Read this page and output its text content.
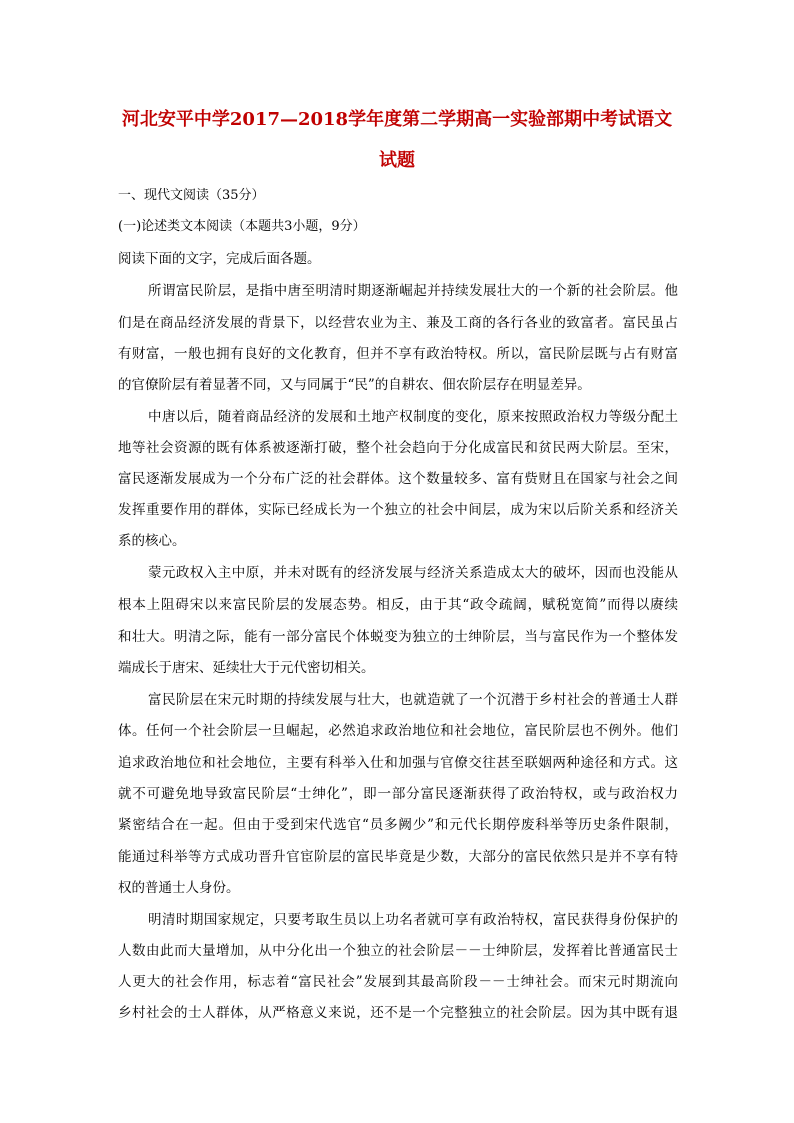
河北安平中学2017—2018学年度第二学期高一实验部期中考试语文
试题
一、现代文阅读（35分）
(一)论述类文本阅读（本题共3小题，9分）
阅读下面的文字，完成后面各题。
所谓富民阶层，是指中唐至明清时期逐渐崛起并持续发展壮大的一个新的社会阶层。他
们是在商品经济发展的背景下，以经营农业为主、兼及工商的各行各业的致富者。富民虽占
有财富，一般也拥有良好的文化教育，但并不享有政治特权。所以，富民阶层既与占有财富
的官僚阶层有着显著不同，又与同属于“民”的自耕农、佃农阶层存在明显差异。
中唐以后，随着商品经济的发展和土地产权制度的变化，原来按照政治权力等级分配土
地等社会资源的既有体系被逐渐打破，整个社会趋向于分化成富民和贫民两大阶层。至宋，
富民逐渐发展成为一个分布广泛的社会群体。这个数量较多、富有赀财且在国家与社会之间
发挥重要作用的群体，实际已经成长为一个独立的社会中间层，成为宋以后阶关系和经济关
系的核心。
蒙元政权入主中原，并未对既有的经济发展与经济关系造成太大的破坏，因而也没能从
根本上阻碍宋以来富民阶层的发展态势。相反，由于其“政令疏阔，赋税宽简”而得以赓续
和壮大。明清之际，能有一部分富民个体蜕变为独立的士绅阶层，当与富民作为一个整体发
端成长于唐宋、延续壮大于元代密切相关。
富民阶层在宋元时期的持续发展与壮大，也就造就了一个沉潜于乡村社会的普通士人群
体。任何一个社会阶层一旦崛起，必然追求政治地位和社会地位，富民阶层也不例外。他们
追求政治地位和社会地位，主要有科举入仕和加强与官僚交往甚至联姻两种途径和方式。这
就不可避免地导致富民阶层“士绅化”，即一部分富民逐渐获得了政治特权，或与政治权力
紧密结合在一起。但由于受到宋代选官“员多阙少”和元代长期停废科举等历史条件限制，
能通过科举等方式成功晋升官宦阶层的富民毕竟是少数，大部分的富民依然只是并不享有特
权的普通士人身份。
明清时期国家规定，只要考取生员以上功名者就可享有政治特权，富民获得身份保护的
人数由此而大量增加，从中分化出一个独立的社会阶层－－士绅阶层，发挥着比普通富民士
人更大的社会作用，标志着“富民社会”发展到其最高阶段－－士绅社会。而宋元时期流向
乡村社会的士人群体，从严格意义来说，还不是一个完整独立的社会阶层。因为其中既有退
